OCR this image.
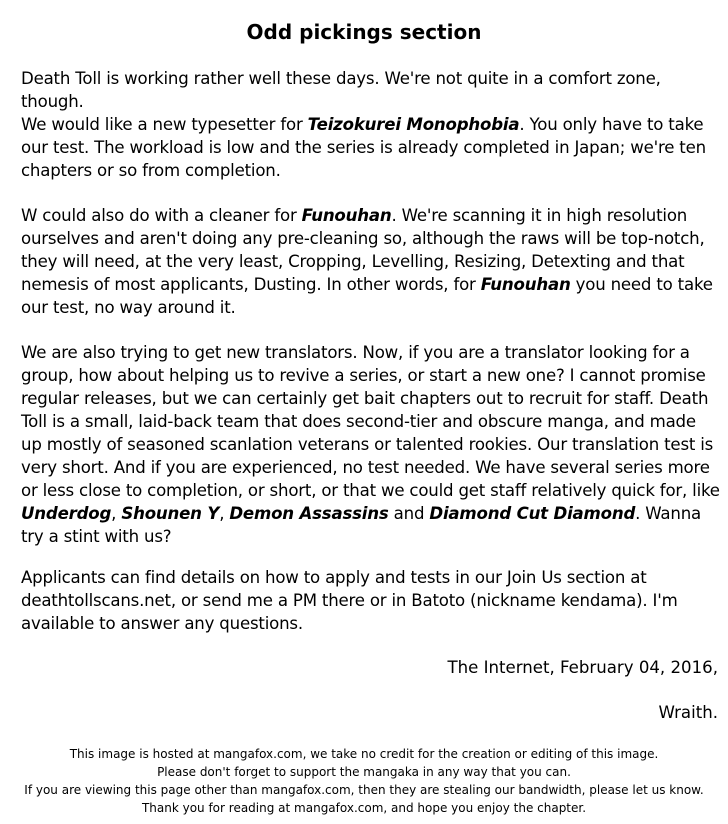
Odd pickings section

Death Toll is working rather well these days. We're not quite in a comfort zone, though.

We would like a new typesetter for Teizokurei Monophobia. You only have to take our test. The workload is low and the series is already completed in Japan; we're ten chapters or so from completion.

W could also do with a cleaner for Funouhan. We're scanning it in high resolution ourselves and aren't doing any pre-cleaning so, although the raws will be top-notch, they will need, at the very least, Cropping, Levelling, Resizing, Detexting and that nemesis of most applicants, Dusting. In other words, for Funouhan you need to take our test, no way around it.

We are also trying to get new translators. Now, if you are a translator looking for a group, how about helping us to revive a series, or start a new one? I cannot promise regular releases, but we can certainly get bait chapters out to recruit for staff. Death Toll is a small, laid-back team that does second-tier and obscure manga, and made up mostly of seasoned scanlation veterans or talented rookies. Our translation test is very short. And if you are experienced, no test needed. We have several series more or less close to completion, or short, or that we could get staff relatively quick for, like Underdog, Shounen Y, Demon Assassins and Diamond Cut Diamond. Wanna try a stint with us?

Applicants can find details on how to apply and tests in our Join Us section at deathtollscans.net, or send me a PM there or in Batoto (nickname kendama). I'm available to answer any questions.

The Internet, February 04, 2016,
Wraith.
This image is hosted at mangafox.com, we take no credit for the creation or editing of this image.
Please don't forget to support the mangaka in any way that you can.
If you are viewing this page other than mangafox.com, then they are stealing our bandwidth, please let us know.
Thank you for reading at mangafox.com, and hope you enjoy the chapter.
